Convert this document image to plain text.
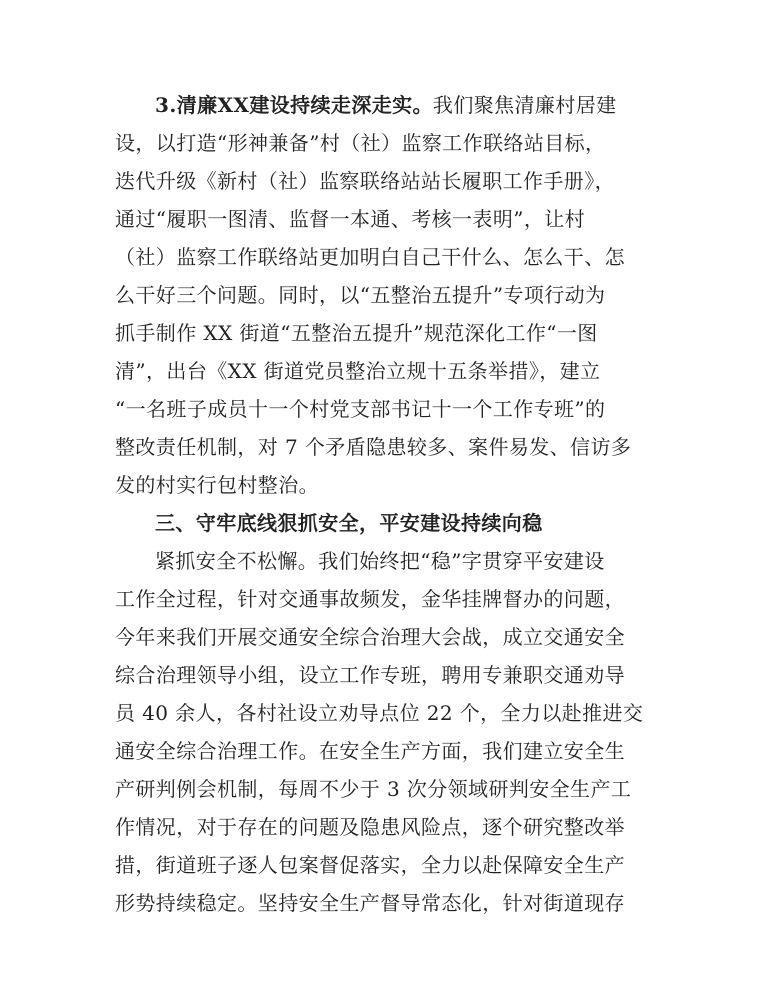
3.清廉XX建设持续走深走实。我们聚焦清廉村居建
设，以打造“形神兼备”村（社）监察工作联络站目标，
迭代升级《新村（社）监察联络站站长履职工作手册》，
通过“履职一图清、监督一本通、考核一表明”，让村
（社）监察工作联络站更加明白自己干什么、怎么干、怎
么干好三个问题。同时，以“五整治五提升”专项行动为
抓手制作 XX 街道“五整治五提升”规范深化工作“一图
清”，出台《XX 街道党员整治立规十五条举措》，建立
“一名班子成员十一个村党支部书记十一个工作专班”的
整改责任机制，对 7 个矛盾隐患较多、案件易发、信访多
发的村实行包村整治。
三、守牢底线狠抓安全，平安建设持续向稳
紧抓安全不松懈。我们始终把“稳”字贯穿平安建设
工作全过程，针对交通事故频发，金华挂牌督办的问题，
今年来我们开展交通安全综合治理大会战，成立交通安全
综合治理领导小组，设立工作专班，聘用专兼职交通劝导
员 40 余人，各村社设立劝导点位 22 个，全力以赴推进交
通安全综合治理工作。在安全生产方面，我们建立安全生
产研判例会机制，每周不少于 3 次分领域研判安全生产工
作情况，对于存在的问题及隐患风险点，逐个研究整改举
措，街道班子逐人包案督促落实，全力以赴保障安全生产
形势持续稳定。坚持安全生产督导常态化，针对街道现存
